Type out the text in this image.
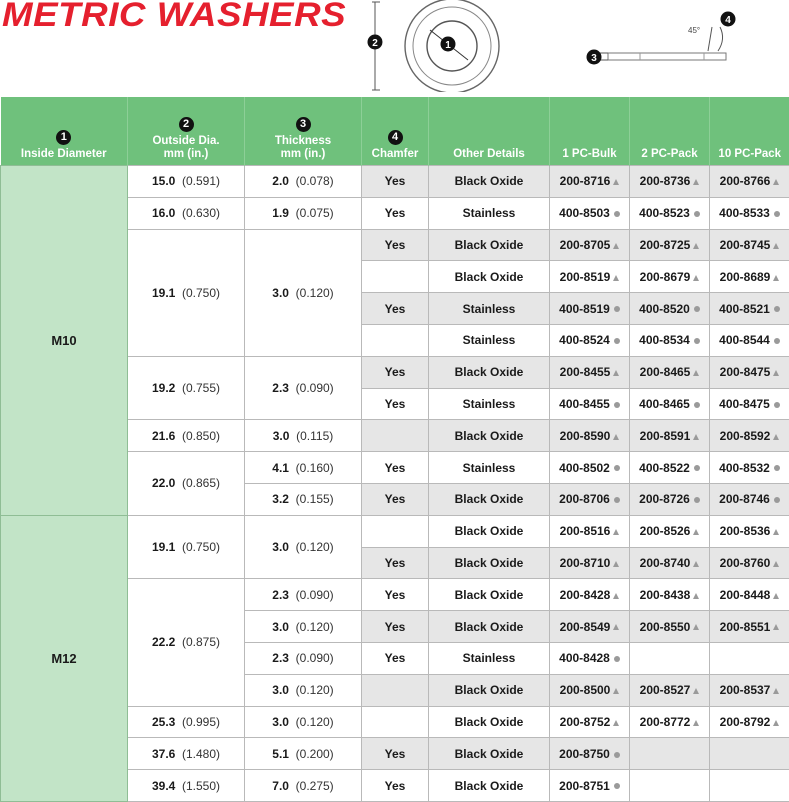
METRIC WASHERS
2	1
3
45°
4
1
Inside Diameter	2
Outside Dia.
mm (in.)	3
Thickness
mm (in.)	4
Chamfer	Other Details	1 PC-Bulk	2 PC-Pack	10 PC-Pack
M10	15.0 (0.591)	2.0 (0.078)	Yes	Black Oxide	200-8716	200-8736	200-8766
	16.0 (0.630)	1.9 (0.075)	Yes	Stainless	400-8503	400-8523	400-8533
	19.1 (0.750)	3.0 (0.120)	Yes	Black Oxide	200-8705	200-8725	200-8745
				Black Oxide	200-8519	200-8679	200-8689
			Yes	Stainless	400-8519	400-8520	400-8521
				Stainless	400-8524	400-8534	400-8544
	19.2 (0.755)	2.3 (0.090)	Yes	Black Oxide	200-8455	200-8465	200-8475
			Yes	Stainless	400-8455	400-8465	400-8475
	21.6 (0.850)	3.0 (0.115)		Black Oxide	200-8590	200-8591	200-8592
	22.0 (0.865)	4.1 (0.160)	Yes	Stainless	400-8502	400-8522	400-8532
		3.2 (0.155)	Yes	Black Oxide	200-8706	200-8726	200-8746
M12	19.1 (0.750)	3.0 (0.120)		Black Oxide	200-8516	200-8526	200-8536
			Yes	Black Oxide	200-8710	200-8740	200-8760
	22.2 (0.875)	2.3 (0.090)	Yes	Black Oxide	200-8428	200-8438	200-8448
		3.0 (0.120)	Yes	Black Oxide	200-8549	200-8550	200-8551
		2.3 (0.090)	Yes	Stainless	400-8428		
		3.0 (0.120)		Black Oxide	200-8500	200-8527	200-8537
	25.3 (0.995)	3.0 (0.120)		Black Oxide	200-8752	200-8772	200-8792
	37.6 (1.480)	5.1 (0.200)	Yes	Black Oxide	200-8750		
	39.4 (1.550)	7.0 (0.275)	Yes	Black Oxide	200-8751		
